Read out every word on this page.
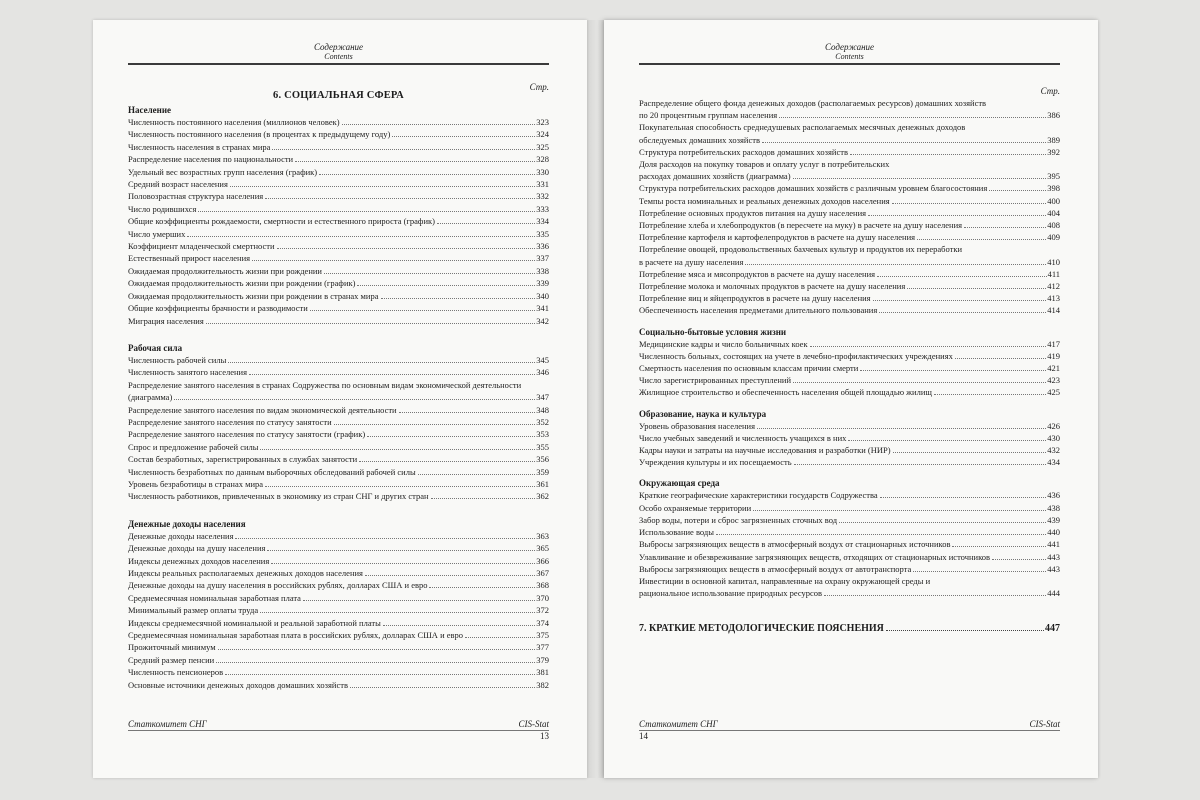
Содержание
Contents
Стр.
6. СОЦИАЛЬНАЯ СФЕРА
Население
Численность постоянного населения (миллионов человек)	323
Численность постоянного населения (в процентах к предыдущему году)	324
Численность населения в странах мира	325
Распределение населения по национальности	328
Удельный вес возрастных групп населения (график)	330
Средний возраст населения	331
Половозрастная структура населения	332
Число родившихся	333
Общие коэффициенты рождаемости, смертности и естественного прироста (график)	334
Число умерших	335
Коэффициент младенческой смертности	336
Естественный прирост населения	337
Ожидаемая продолжительность жизни при рождении	338
Ожидаемая продолжительность жизни при рождении (график)	339
Ожидаемая продолжительность жизни при рождении в странах мира	340
Общие коэффициенты брачности и разводимости	341
Миграция населения	342
Рабочая сила
Численность рабочей силы	345
Численность занятого населения	346
Распределение занятого населения в странах Содружества по основным видам экономической деятельности
(диаграмма)	347
Распределение занятого населения по видам экономической деятельности	348
Распределение занятого населения по статусу занятости	352
Распределение занятого населения по статусу занятости (график)	353
Спрос и предложение рабочей силы	355
Состав безработных, зарегистрированных в службах занятости	356
Численность безработных по данным выборочных обследований рабочей силы	359
Уровень безработицы в странах мира	361
Численность работников, привлеченных в экономику из стран СНГ и других стран	362
Денежные доходы населения
Денежные доходы населения	363
Денежные доходы на душу населения	365
Индексы денежных доходов населения	366
Индексы реальных располагаемых денежных доходов населения	367
Денежные доходы на душу населения в российских рублях, долларах США и евро	368
Среднемесячная номинальная заработная плата	370
Минимальный размер оплаты труда	372
Индексы среднемесячной номинальной и реальной заработной платы	374
Среднемесячная номинальная заработная плата в российских рублях, долларах США и евро	375
Прожиточный минимум	377
Средний размер пенсии	379
Численность пенсионеров	381
Основные источники денежных доходов домашних хозяйств	382
Статкомитет СНГ	CIS-Stat
13
Содержание
Contents
Стр.
Распределение общего фонда денежных доходов (располагаемых ресурсов) домашних хозяйств
по 20 процентным группам населения	386
Покупательная способность среднедушевых располагаемых месячных денежных доходов
обследуемых домашних хозяйств	389
Структура потребительских расходов домашних хозяйств	392
Доля расходов на покупку товаров и оплату услуг в потребительских
расходах домашних хозяйств (диаграмма)	395
Структура потребительских расходов домашних хозяйств с различным уровнем благосостояния	398
Темпы роста номинальных и реальных денежных доходов населения	400
Потребление основных продуктов питания на душу населения	404
Потребление хлеба и хлебопродуктов (в пересчете на муку) в расчете на душу населения	408
Потребление картофеля и картофелепродуктов в расчете на душу населения	409
Потребление овощей, продовольственных бахчевых культур и продуктов их переработки
в расчете на душу населения	410
Потребление мяса и мясопродуктов в расчете на душу населения	411
Потребление молока и молочных продуктов в расчете на душу населения	412
Потребление яиц и яйцепродуктов в расчете на душу населения	413
Обеспеченность населения предметами длительного пользования	414
Социально-бытовые условия жизни
Медицинские кадры и число больничных коек	417
Численность больных, состоящих на учете в лечебно-профилактических учреждениях	419
Смертность населения по основным классам причин смерти	421
Число зарегистрированных преступлений	423
Жилищное строительство и обеспеченность населения общей площадью жилищ	425
Образование, наука и культура
Уровень образования населения	426
Число учебных заведений и численность учащихся в них	430
Кадры науки и затраты на научные исследования и разработки (НИР)	432
Учреждения культуры и их посещаемость	434
Окружающая среда
Краткие географические характеристики государств Содружества	436
Особо охраняемые территории	438
Забор воды, потери и сброс загрязненных сточных вод	439
Использование воды	440
Выбросы загрязняющих веществ в атмосферный воздух от стационарных источников	441
Улавливание и обезвреживание загрязняющих веществ, отходящих от стационарных источников	443
Выбросы загрязняющих веществ в атмосферный воздух от автотранспорта	443
Инвестиции в основной капитал, направленные на охрану окружающей среды и
рациональное использование природных ресурсов	444
7. КРАТКИЕ МЕТОДОЛОГИЧЕСКИЕ ПОЯСНЕНИЯ	447
Статкомитет СНГ	CIS-Stat
14
